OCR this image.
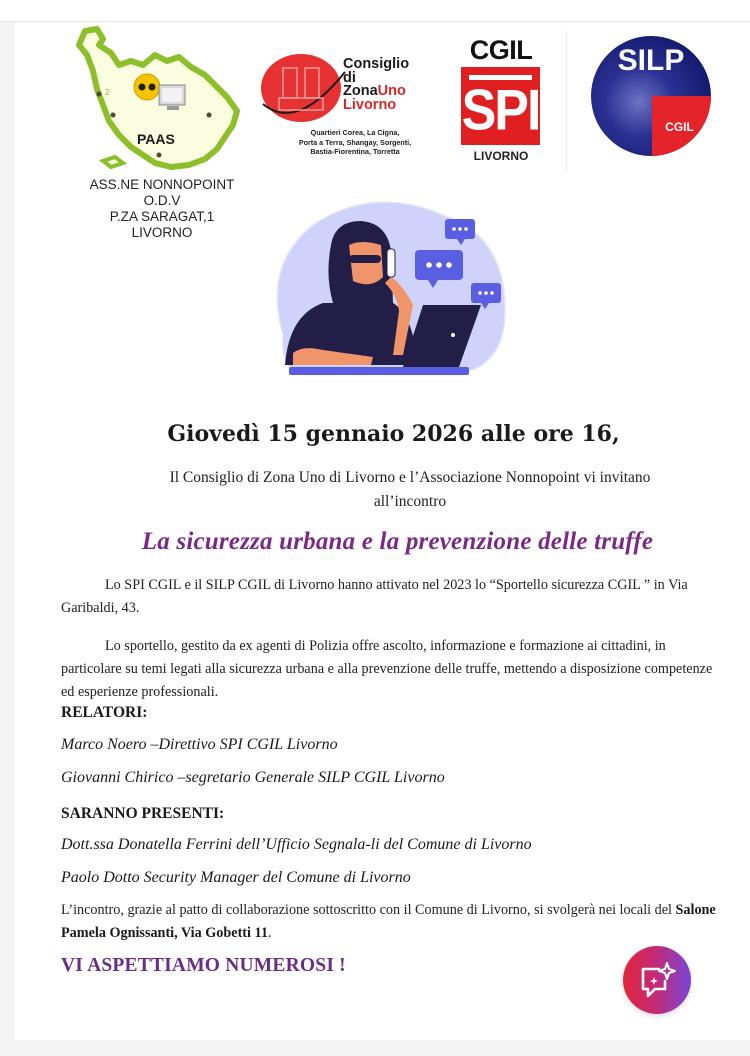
1
2
PAAS
ASS.NE NONNOPOINT
O.D.V
P.ZA SARAGAT,1
LIVORNO
Consiglio
di
ZonaUno
Livorno
Quartieri Corea, La Cigna,
Porta a Terra, Shangay, Sorgenti,
Bastia-Fiorentina, Torretta
CGIL
SPI
LIVORNO
SILP
CGIL
Giovedì 15 gennaio 2026 alle ore 16,
Il Consiglio di Zona Uno di Livorno e l’Associazione Nonnopoint vi invitano
all’incontro
La sicurezza urbana e la prevenzione delle truffe
Lo SPI CGIL e il SILP CGIL di Livorno hanno attivato nel 2023 lo “Sportello sicurezza CGIL ” in Via Garibaldi, 43.
Lo sportello, gestito da ex agenti di Polizia offre ascolto, informazione e formazione ai cittadini, in particolare su temi legati alla sicurezza urbana e alla prevenzione delle truffe, mettendo a disposizione competenze ed esperienze professionali.
RELATORI:
Marco Noero –Direttivo SPI CGIL Livorno
Giovanni Chirico –segretario Generale SILP CGIL Livorno
SARANNO PRESENTI:
Dott.ssa Donatella Ferrini dell’Ufficio Segnala-li del Comune di Livorno
Paolo Dotto Security Manager del Comune di Livorno
L’incontro, grazie al patto di collaborazione sottoscritto con il Comune di Livorno, si svolgerà nei locali del Salone Pamela Ognissanti, Via Gobetti 11.
VI ASPETTIAMO NUMEROSI !
